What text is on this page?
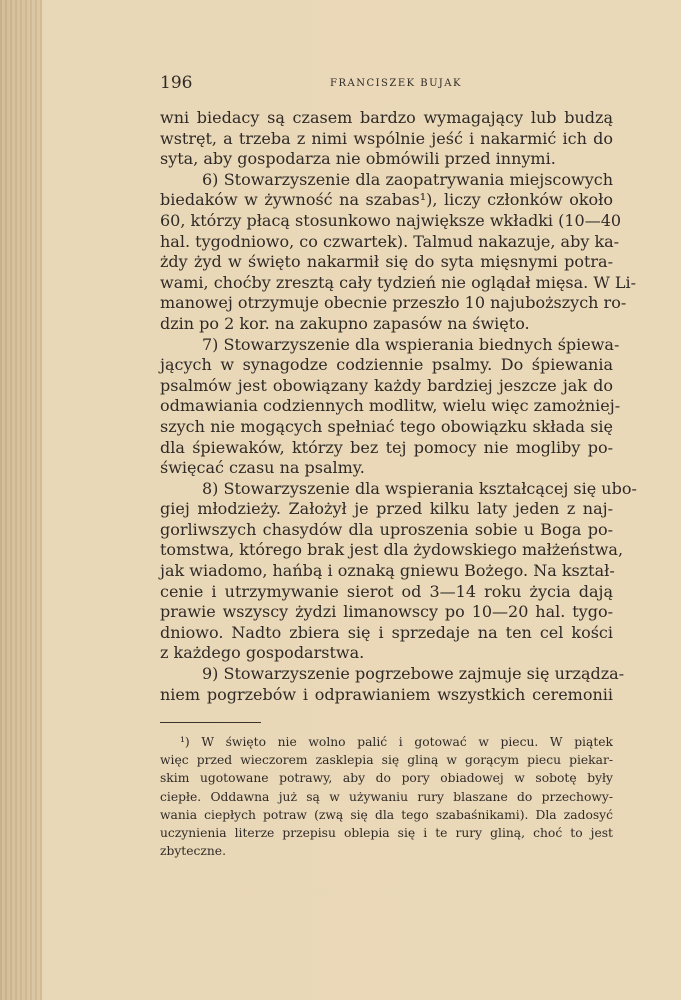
196	FRANCISZEK BUJAK
wni biedacy są czasem bardzo wymagający lub budzą
wstręt, a trzeba z nimi wspólnie jeść i nakarmić ich do
syta, aby gospodarza nie obmówili przed innymi.
6) Stowarzyszenie dla zaopatrywania miejscowych
biedaków w żywność na szabas¹), liczy członków około
60, którzy płacą stosunkowo największe wkładki (10—40
hal. tygodniowo, co czwartek). Talmud nakazuje, aby ka-
żdy żyd w święto nakarmił się do syta mięsnymi potra-
wami, choćby zresztą cały tydzień nie oglądał mięsa. W Li-
manowej otrzymuje obecnie przeszło 10 najuboższych ro-
dzin po 2 kor. na zakupno zapasów na święto.
7) Stowarzyszenie dla wspierania biednych śpiewa-
jących w synagodze codziennie psalmy. Do śpiewania
psalmów jest obowiązany każdy bardziej jeszcze jak do
odmawiania codziennych modlitw, wielu więc zamożniej-
szych nie mogących spełniać tego obowiązku składa się
dla śpiewaków, którzy bez tej pomocy nie mogliby po-
święcać czasu na psalmy.
8) Stowarzyszenie dla wspierania kształcącej się ubo-
giej młodzieży. Założył je przed kilku laty jeden z naj-
gorliwszych chasydów dla uproszenia sobie u Boga po-
tomstwa, którego brak jest dla żydowskiego małżeństwa,
jak wiadomo, hańbą i oznaką gniewu Bożego. Na kształ-
cenie i utrzymywanie sierot od 3—14 roku życia dają
prawie wszyscy żydzi limanowscy po 10—20 hal. tygo-
dniowo. Nadto zbiera się i sprzedaje na ten cel kości
z każdego gospodarstwa.
9) Stowarzyszenie pogrzebowe zajmuje się urządza-
niem pogrzebów i odprawianiem wszystkich ceremonii
¹) W święto nie wolno palić i gotować w piecu. W piątek
więc przed wieczorem zasklepia się gliną w gorącym piecu piekar-
skim ugotowane potrawy, aby do pory obiadowej w sobotę były
ciepłe. Oddawna już są w używaniu rury blaszane do przechowy-
wania ciepłych potraw (zwą się dla tego szabaśnikami). Dla zadosyć
uczynienia literze przepisu oblepia się i te rury gliną, choć to jest
zbyteczne.
